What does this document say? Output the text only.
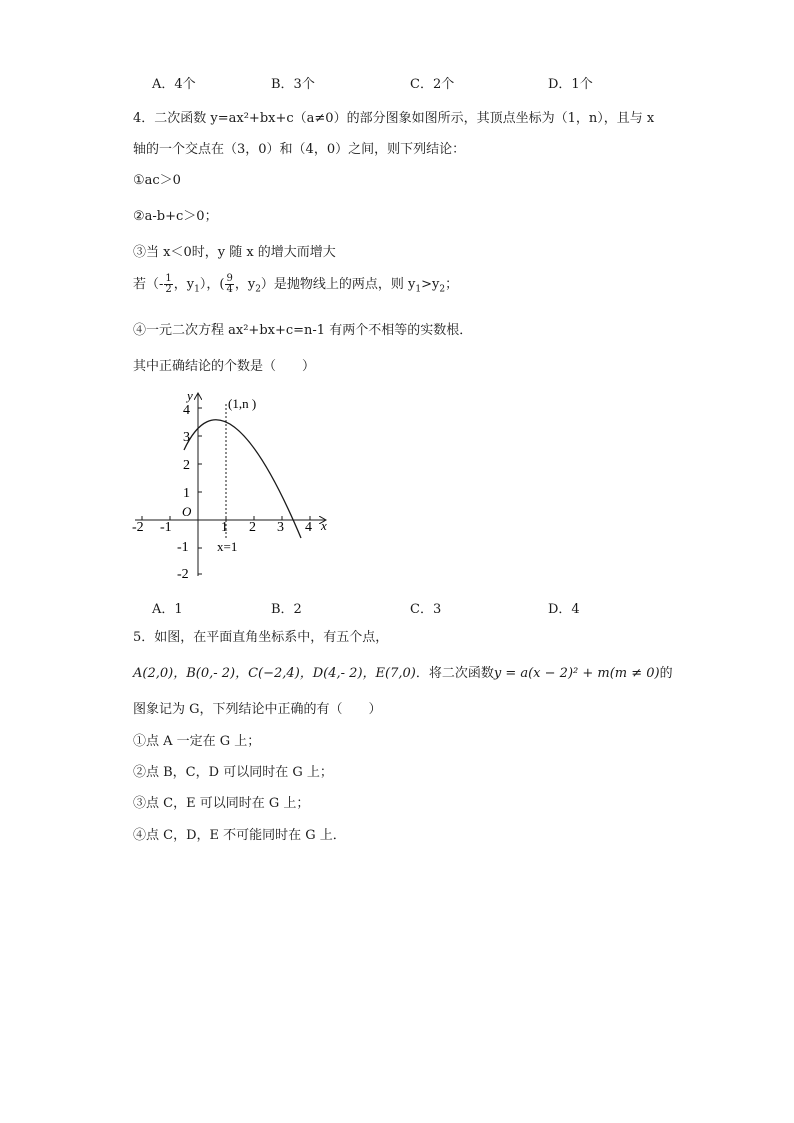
A．4个	B．3个	C．2个	D．1个
4．二次函数 y=ax²+bx+c（a≠0）的部分图象如图所示，其顶点坐标为（1，n），且与 x
轴的一个交点在（3，0）和（4，0）之间，则下列结论：
①ac＞0
②a-b+c＞0；
③当 x＜0时，y 随 x 的增大而增大
若（- $\frac{1}{2}$ ，$y_1$），( $\frac{9}{4}$ ，$y_2$）是抛物线上的两点，则 $y_1>y_2$；
④一元二次方程 ax²+bx+c=n-1 有两个不相等的实数根．
其中正确结论的个数是（　　）
y
x
O
(1,n )
x=1
-2 -1	1 2 3 4
4
3
2
1
-1
-2
A．1	B．2	C．3	D．4
5．如图，在平面直角坐标系中，有五个点，
A(2,0)，B(0,- 2)，C(−2,4)，D(4,- 2)，E(7,0)．将二次函数y = a(x − 2)² + m(m ≠ 0)的
图象记为 G，下列结论中正确的有（　　）
①点 A 一定在 G 上；
②点 B，C，D 可以同时在 G 上；
③点 C，E 可以同时在 G 上；
④点 C，D，E 不可能同时在 G 上．
